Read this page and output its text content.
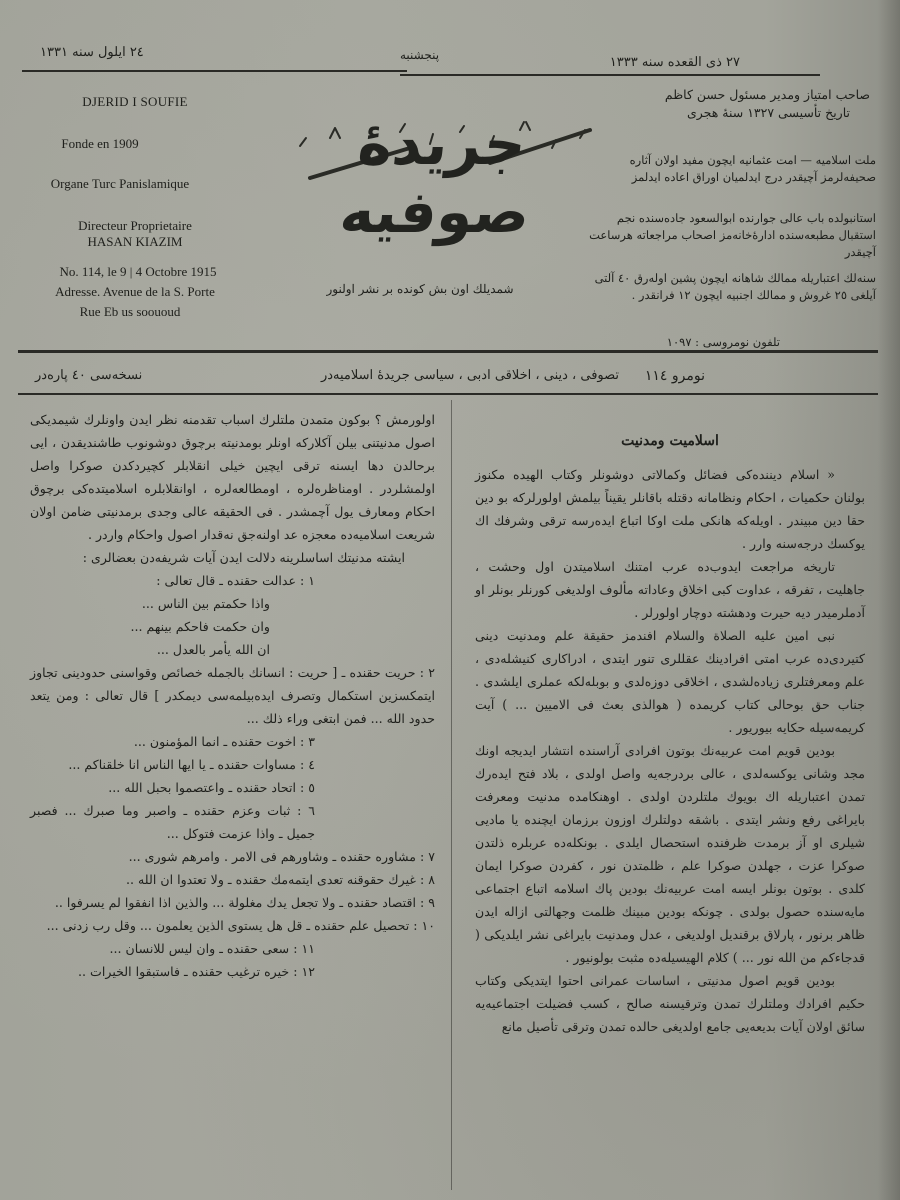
٢٤ ايلول سنه ١٣٣١	پنجشنبه	٢٧ ذی القعده سنه ١٣٣٣
DJERID I SOUFIE
Fonde en 1909
Organe Turc Panislamique
Directeur Proprietaire
HASAN KIAZIM
No. 114, le 9 | 4 Octobre 1915
Adresse. Avenue de la S. Porte
Rue Eb us soououd
جريدهٔ صوفيه
شمديلك اون بش كونده بر نشر اولنور
صاحب امتياز ومدير مسئول حسن كاظم
تاريخ تأسيسی ١٣٢٧ سنهٔ هجری
ملت اسلاميه — امت عثمانيه ايچون مفيد اولان آثاره صحيفه‌لرمز آچيقدر درج ايدلميان اوراق اعاده ايدلمز
استانبولده باب عالی جوارنده ابوالسعود جاده‌سنده نجم استقبال مطبعه‌سنده ادارهٔ‌خانه‌مز اصحاب مراجعاته هرساعت آچيقدر
سنه‌لك اعتباريله ممالك شاهانه ايچون پشين اولەرق ٤٠ آلتی آيلغی ٢٥ غروش و ممالك اجنبيه ايچون ١٢ فرانقدر .
تلفون نومروسی : ١٠٩٧
نومرو ١١٤
تصوفی ، دينی ، اخلاقی ادبی ، سياسی جريدهٔ اسلاميه‌در
نسخه‌سی ٤٠ پاره‌در
اسلاميت ومدنيت

« اسلام ديننده‌كی فضائل وكمالاتی دوشونلر وكتاب الهيده مكنوز بولنان حكميات ، احكام ونظامانه دقتله باقانلر يقيناً بيلمش اولورلركه بو دين حقا دين مبيندر . اويله‌كه هانكی ملت اوكا اتباع ايدەرسه ترقی وشرفك اك يوكسك درجه‌سنه وارر .

تاريخه مراجعت ايدوب‌ده عرب امتنك اسلاميتدن اول وحشت ، جاهليت ، تفرقه ، عداوت كبی اخلاق وعاداته مألوف اولديغی كورنلر بونلر او آدملرميدر ديه حيرت ودهشته دوچار اولورلر .

نبی امين عليه الصلاة والسلام افندمز حقيقة علم ومدنيت دينی كتيردی‌ده عرب امتی افرادينك عقللری تنور ايتدی ، ادراكاری كنيشله‌دی ، علم ومعرفتلری زياده‌لشدی ، اخلاقی دوزه‌لدی و بوبله‌لكه عملری ايلشدی . جناب حق بوحالی كتاب كريمده ( هوالذی بعث فی الاميين ... ) آيت كريمه‌سيله حكايه بيوريور .

بودين قويم امت عربيه‌نك بوتون افرادی آراسنده انتشار ايديجه اونك مجد وشانی يوكسه‌لدی ، عالی بردرجه‌يه واصل اولدی ، بلاد فتح ايده‌رك تمدن اعتباريله اك بويوك ملتلردن اولدی . اوهنكامده مدنيت ومعرفت بايراغی رفع ونشر ايتدی . باشقه دولتلرك اوزون برزمان ايچنده يا ماديی شيلری او آز برمدت ظرفنده استحصال ايلدی . بونكله‌ده عربلره ذلتدن صوكرا عزت ، جهلدن صوكرا علم ، ظلمتدن نور ، كفردن صوكرا ايمان كلدی . بوتون بونلر ايسه امت عربيه‌نك بودين پاك اسلامه اتباع اجتماعی مايه‌سنده حصول بولدی . چونكه بودين مبينك ظلمت وجهالتی ازاله ايدن ظاهر برنور ، پارلاق برقنديل اولديغی ، عدل ومدنيت بايراغی نشر ايلديكی ( قدجاءكم من الله نور ... ) كلام الهيسيله‌ده مثبت بولونيور .

بودين قويم اصول مدنيتی ، اساسات عمرانی احتوا ايتديكی وكتاب حكيم افرادك وملتلرك تمدن وترقيسنه صالح ، كسب فضيلت اجتماعيه‌يه سائق اولان آيات بديعه‌يی جامع اولديغی حالده تمدن وترقی تأصيل مانع

اولورمش ؟ بوكون متمدن ملتلرك اسباب تقدمنه نظر ايدن واونلرك شيمديكی اصول مدنيتنی بيلن آكلارکه اونلر بومدنيته برچوق دوشونوب طاشنديقدن ، ايی برحالدن دها ايسنه ترقی ايچين خيلی انقلابلر كچيردكدن صوكرا واصل اولمشلردر . اومناظره‌لره ، اومطالعه‌لره ، اوانقلابلره اسلاميتده‌كی برچوق احكام ومعارف يول آچمشدر . فی الحقيقه عالی وجدی برمدنيتی ضامن اولان شريعت اسلاميه‌ده معجزه عد اولنه‌جق نه‌قدار اصول واحكام واردر .

ايشته مدنيتك اساسلرينه دلالت ايدن آيات شريفه‌دن بعضالری :

١ : عدالت حقنده ـ قال تعالى :

واذا حكمتم بين الناس ...

وان حكمت فاحكم بينهم ...

ان الله يأمر بالعدل ...

٢ : حريت حقنده ـ [ حريت : انسانك بالجمله خصائص وقواسنی حدودينی تجاوز ايتمكسزين استكمال وتصرف ايده‌بيلمه‌سی ديمكدر ] قال تعالى : ومن يتعد حدود الله ... فمن ابتغى وراء ذلك ...

٣ : اخوت حقنده ـ انما المؤمنون ...

٤ : مساوات حقنده ـ يا ايها الناس انا خلقناكم ...

٥ : اتحاد حقنده ـ واعتصموا بحبل الله ...

٦ : ثبات وعزم حقنده ـ واصبر وما صبرك ... فصبر جميل ـ واذا عزمت فتوكل ...

٧ : مشاوره حقنده ـ وشاورهم فی الامر . وامرهم شورى ...

٨ : غيرك حقوقنه تعدی ايتمه‌مك حقنده ـ ولا تعتدوا ان الله ..

٩ : اقتصاد حقنده ـ ولا تجعل يدك مغلولة ... والذين اذا انفقوا لم يسرفوا ..

١٠ : تحصيل علم حقنده ـ قل هل يستوی الذين يعلمون ... وقل رب زدنی ...

١١ : سعی حقنده ـ وان ليس للانسان ...

١٢ : خيره ترغيب حقنده ـ فاستبقوا الخيرات ..
